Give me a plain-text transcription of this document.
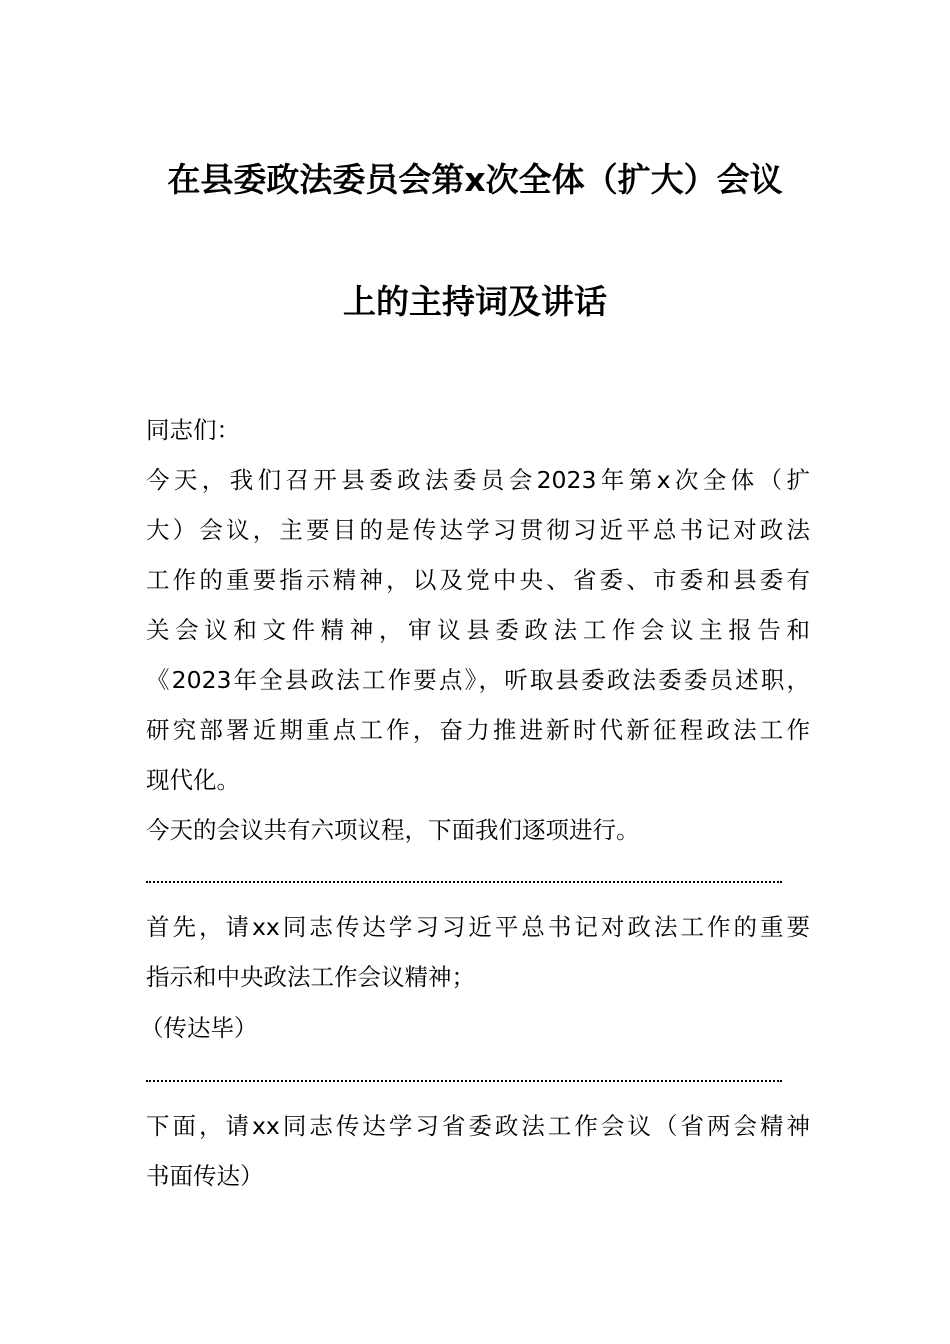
在县委政法委员会第x次全体（扩大）会议
上的主持词及讲话
同志们：
今天，我们召开县委政法委员会2023年第x次全体（扩
大）会议，主要目的是传达学习贯彻习近平总书记对政法
工作的重要指示精神，以及党中央、省委、市委和县委有
关会议和文件精神，审议县委政法工作会议主报告和
《2023年全县政法工作要点》，听取县委政法委委员述职，
研究部署近期重点工作，奋力推进新时代新征程政法工作
现代化。
今天的会议共有六项议程，下面我们逐项进行。
首先，请xx同志传达学习习近平总书记对政法工作的重要
指示和中央政法工作会议精神；
（传达毕）
下面，请xx同志传达学习省委政法工作会议（省两会精神
书面传达）
